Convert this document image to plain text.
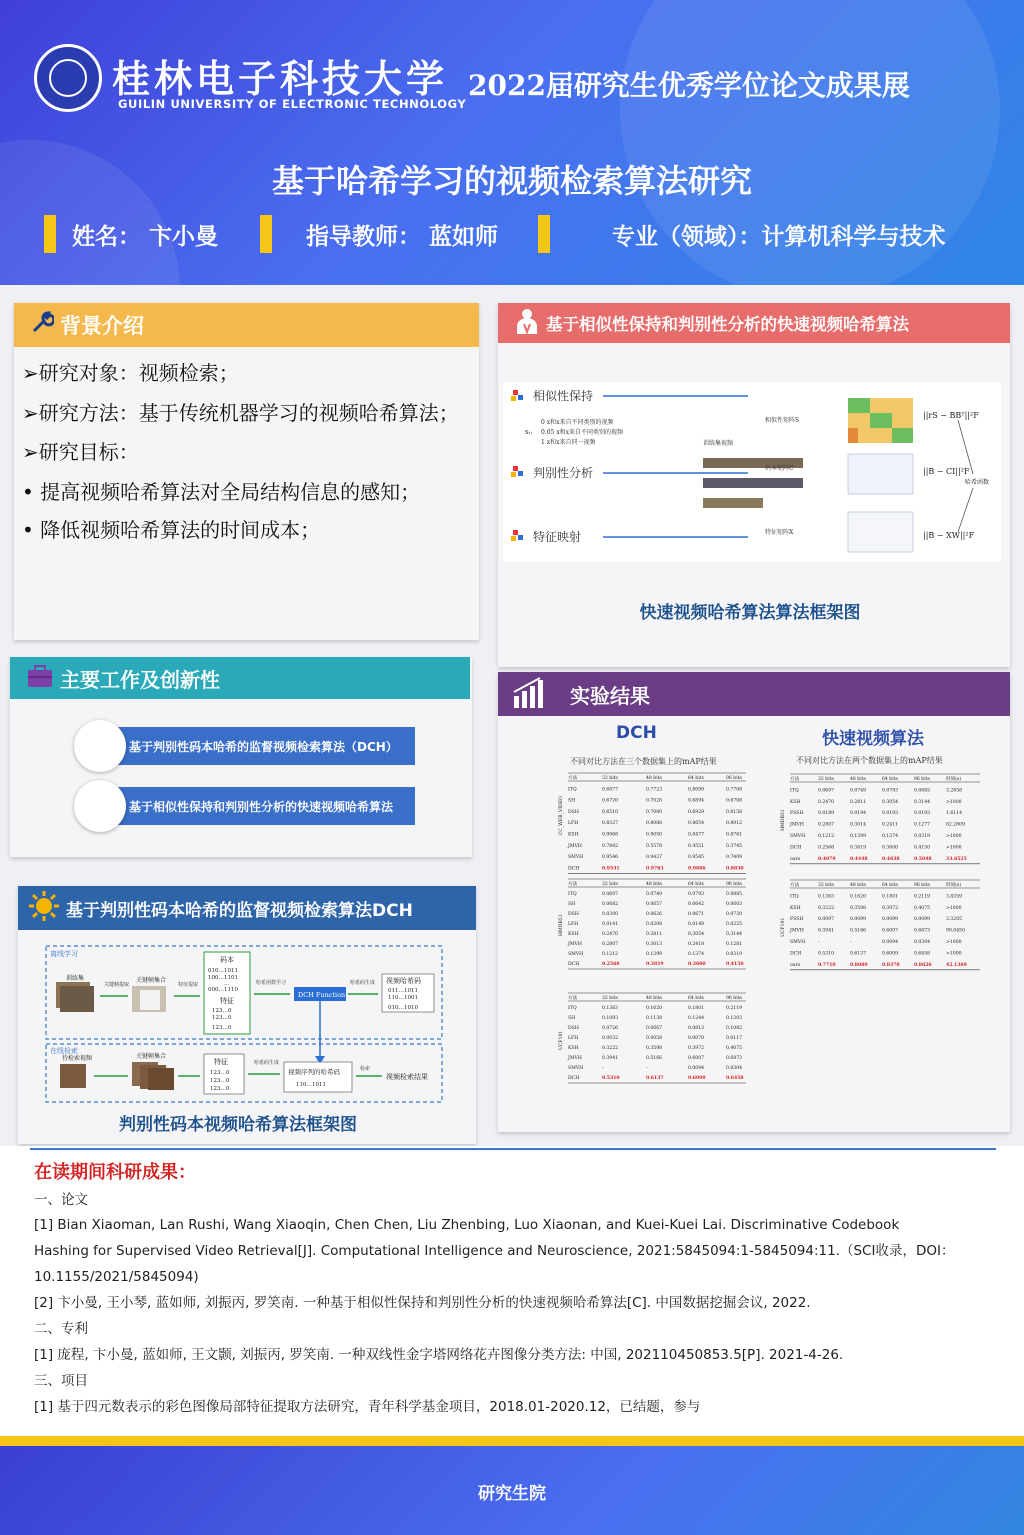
桂林电子科技大学
GUILIN UNIVERSITY OF ELECTRONIC TECHNOLOGY
2022届研究生优秀学位论文成果展
基于哈希学习的视频检索算法研究
姓名： 卞小曼	指导教师： 蓝如师	专业（领域）：计算机科学与技术
背景介绍
➢研究对象：视频检索；
➢研究方法：基于传统机器学习的视频哈希算法；
➢研究目标：
• 提高视频哈希算法对全局结构信息的感知；
• 降低视频哈希算法的时间成本；
基于相似性保持和判别性分析的快速视频哈希算法
相似性保持
判别性分析
特征映射
sᵢⱼ
0 x和x来自不同类别的视频
0.05 x和x来自不同类别的视频
1 x和x来自同一视频	训练集视频
相似性矩阵S
码本矩阵C
特征矩阵X
||rS − BBᵀ||²F
||B − CI||²F
||B − XW||²F
哈希函数
快速视频哈希算法算法框架图
主要工作及创新性
基于判别性码本哈希的监督视频检索算法（DCH）
基于相似性保持和判别性分析的快速视频哈希算法
实验结果
DCH	快速视频算法
不同对比方法在三个数据集上的mAP结果	不同对比方法在两个数据集上的mAP结果
方法	32 bits	48 bits	64 bits	96 bits
ITQ	0.6877	0.7723	0.8099	0.7708
SH	0.6720	0.7028	0.6894	0.6708
DSH	0.6510	0.7080	0.6929	0.8158
LFH	0.8327	0.8088	0.8654	0.8912
KSH	0.9068	0.9050	0.8477	0.8761
JMVH	0.7842	0.5578	0.4551	0.3745
SMVH	0.9546	0.9437	0.9545	0.7409
DCH	0.9531	0.9763	0.9886	0.8830
CC_WEB_VIDEO
方法	32 bits	48 bits	64 bits	96 bits
ITQ	0.0697	0.0749	0.0793	0.0885
SH	0.0682	0.0657	0.0642	0.0603
DSH	0.0300	0.0626	0.0671	0.0730
LFH	0.0141	0.0208	0.0148	0.0225
KSH	0.2470	0.2811	0.3054	0.3144
JMVH	0.2807	0.3013	0.2418	0.1281
SMVH	0.1212	0.1399	0.1374	0.0319
DCH	0.2568	0.3819	0.3600	0.4150
HMDB51
方法	32 bits	48 bits	64 bits	96 bits
ITQ	0.1363	0.1620	0.1801	0.2119
SH	0.1093	0.1138	0.1244	0.1303
DSH	0.0726	0.0667	0.0813	0.1082
LFH	0.0032	0.0058	0.0078	0.0117
KSH	0.3222	0.3598	0.3972	0.4075
JMVH	0.3941	0.5166	0.6007	0.6873
SMVH	-	-	0.0094	0.0304
DCH	0.5310	0.6137	0.6009	0.6458
UCF101
方法	32 bits	48 bits	64 bits	96 bits	时间(s)
ITQ	0.0697	0.0749	0.0793	0.0885	3.2858
KSH	0.2470	0.2811	0.3054	0.3144	>1000
FSSH	0.0189	0.0194	0.0193	0.0193	1.6114
JMVH	0.2807	0.3014	0.2411	0.1277	82.2809
SMVH	0.1212	0.1399	0.1374	0.0319	>1000
DCH	0.2568	0.3819	0.3600	0.4150	>1000
ours	0.4079	0.4448	0.4638	0.5048	33.6525
HMDB51
方法	32 bits	48 bits	64 bits	96 bits	时间(s)
ITQ	0.1363	0.1620	0.1801	0.2119	3.8359
KSH	0.3222	0.3598	0.3972	0.4075	>1000
FSSH	0.0097	0.0099	0.0099	0.0099	3.3205
JMVH	0.3941	0.5166	0.6007	0.6873	99.0450
SMVH	-	-	0.0094	0.0304	>1000
DCH	0.5310	0.6137	0.6009	0.6458	>1000
ours	0.7710	0.8089	0.8378	0.8626	42.1369
UCF101
基于判别性码本哈希的监督视频检索算法DCH
离线学习
在线检索
训练集
关键帧提取
关键帧集合
特征提取
码本
010…1011
100…1101
…
000…1110
特征
123…0
123…0
123…0
哈希函数学习
DCH Function
哈希码生成 视频哈希码
011…1011
110…1001
010…1010
待检索视频	关键帧集合
特征
123…0
123…0
123…0
哈希码生成
视频序列的哈希码
110…1011
检索
视频检索结果
判别性码本视频哈希算法框架图
在读期间科研成果：
一、论文
[1] Bian Xiaoman, Lan Rushi, Wang Xiaoqin, Chen Chen, Liu Zhenbing, Luo Xiaonan, and Kuei-Kuei Lai. Discriminative Codebook
Hashing for Supervised Video Retrieval[J]. Computational Intelligence and Neuroscience, 2021:5845094:1-5845094:11.（SCI收录，DOI：
10.1155/2021/5845094)
[2] 卞小曼, 王小琴, 蓝如师, 刘振丙, 罗笑南. 一种基于相似性保持和判别性分析的快速视频哈希算法[C]. 中国数据挖掘会议, 2022.
二、专利
[1] 庞程, 卞小曼, 蓝如师, 王文颢, 刘振丙, 罗笑南. 一种双线性金字塔网络花卉图像分类方法: 中国, 202110450853.5[P]. 2021-4-26.
三、项目
[1] 基于四元数表示的彩色图像局部特征提取方法研究，青年科学基金项目，2018.01-2020.12，已结题，参与
研究生院
